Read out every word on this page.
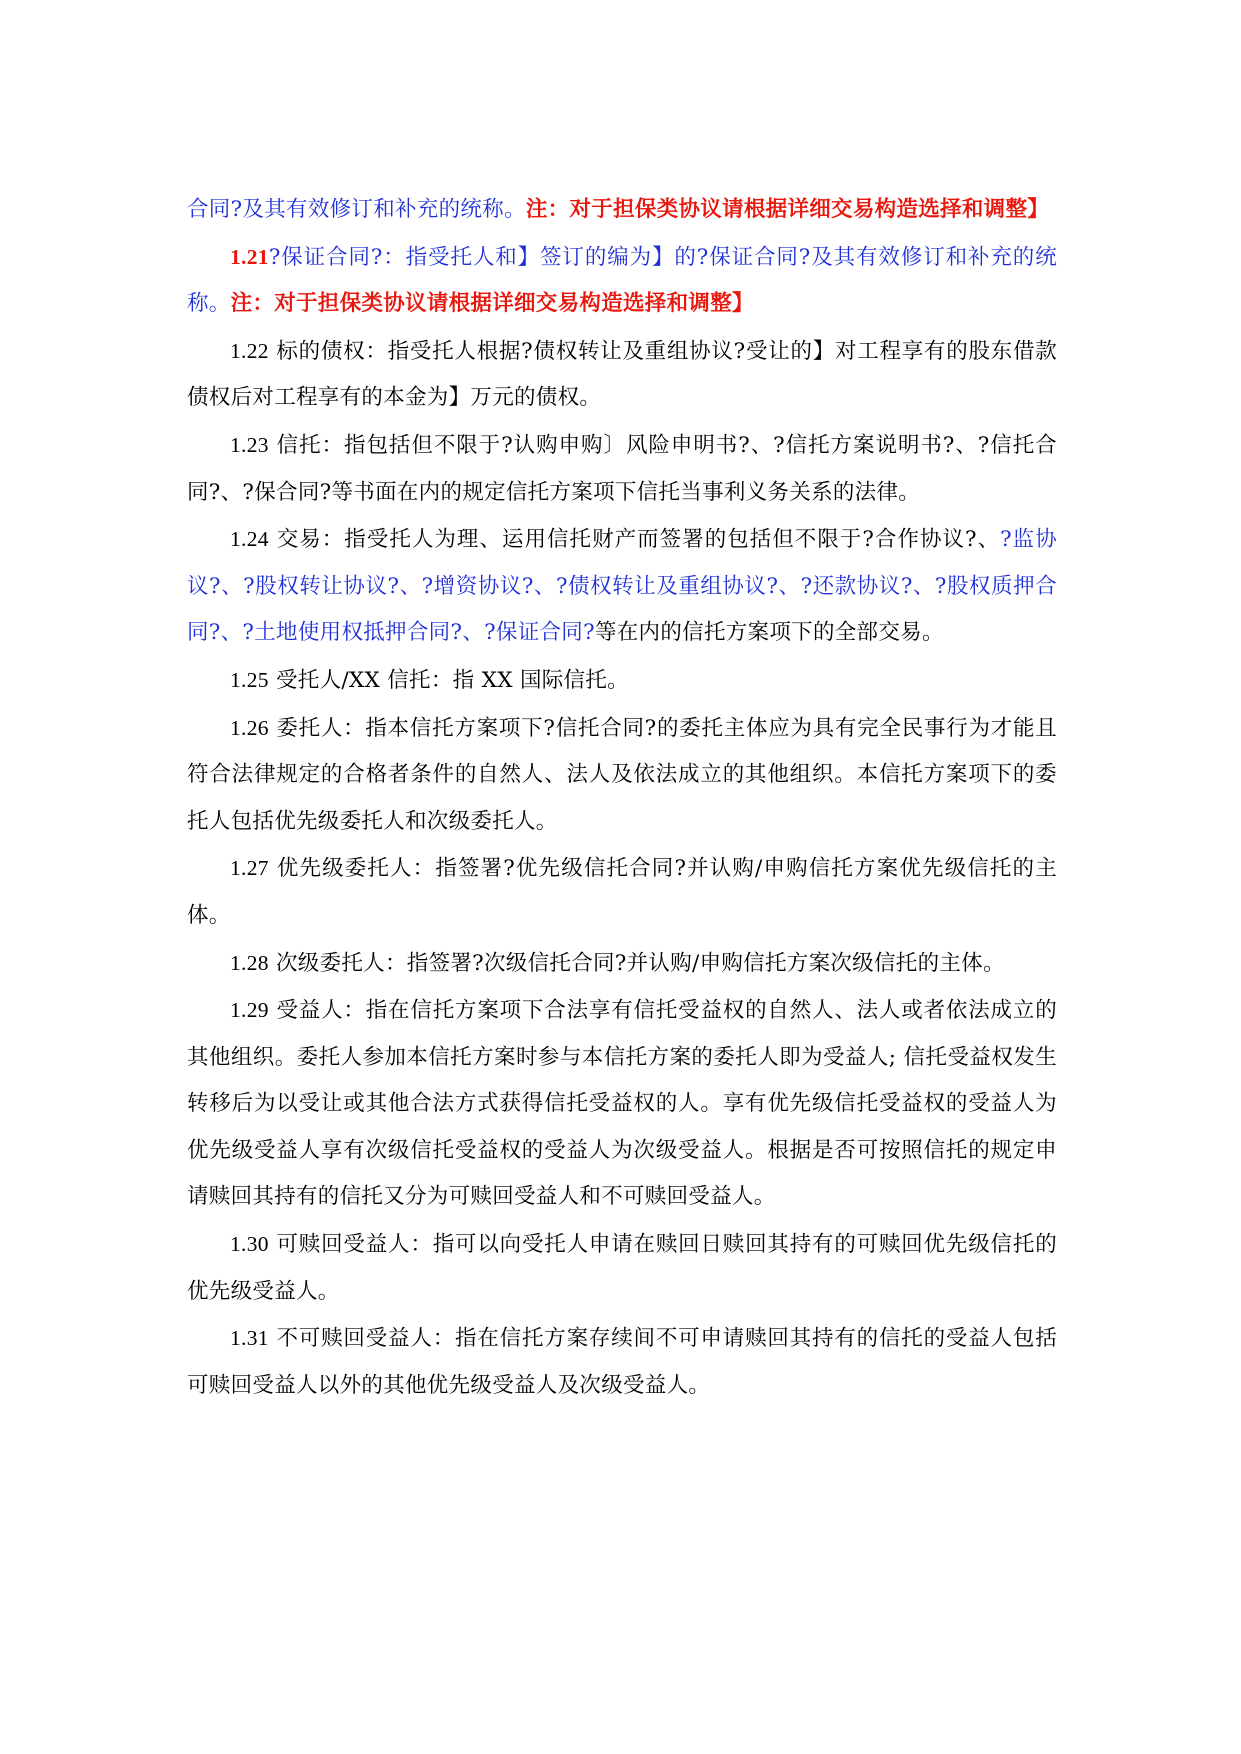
合同?及其有效修订和补充的统称。注：对于担保类协议请根据详细交易构造选择和调整】

1.21?保证合同?：指受托人和】签订的编为】的?保证合同?及其有效修订和补充的统称。注：对于担保类协议请根据详细交易构造选择和调整】

1.22 标的债权：指受托人根据?债权转让及重组协议?受让的】对工程享有的股东借款债权后对工程享有的本金为】万元的债权。

1.23 信托：指包括但不限于?认购申购〕风险申明书?、?信托方案说明书?、?信托合同?、?保合同?等书面在内的规定信托方案项下信托当事利义务关系的法律。

1.24 交易：指受托人为理、运用信托财产而签署的包括但不限于?合作协议?、?监协议?、?股权转让协议?、?增资协议?、?债权转让及重组协议?、?还款协议?、?股权质押合同?、?土地使用权抵押合同?、?保证合同?等在内的信托方案项下的全部交易。

1.25 受托人/XX 信托：指 XX 国际信托。

1.26 委托人：指本信托方案项下?信托合同?的委托主体应为具有完全民事行为才能且符合法律规定的合格者条件的自然人、法人及依法成立的其他组织。本信托方案项下的委托人包括优先级委托人和次级委托人。

1.27 优先级委托人：指签署?优先级信托合同?并认购/申购信托方案优先级信托的主体。

1.28 次级委托人：指签署?次级信托合同?并认购/申购信托方案次级信托的主体。

1.29 受益人：指在信托方案项下合法享有信托受益权的自然人、法人或者依法成立的其他组织。委托人参加本信托方案时参与本信托方案的委托人即为受益人; 信托受益权发生转移后为以受让或其他合法方式获得信托受益权的人。享有优先级信托受益权的受益人为优先级受益人享有次级信托受益权的受益人为次级受益人。根据是否可按照信托的规定申请赎回其持有的信托又分为可赎回受益人和不可赎回受益人。

1.30 可赎回受益人：指可以向受托人申请在赎回日赎回其持有的可赎回优先级信托的优先级受益人。

1.31 不可赎回受益人：指在信托方案存续间不可申请赎回其持有的信托的受益人包括可赎回受益人以外的其他优先级受益人及次级受益人。
